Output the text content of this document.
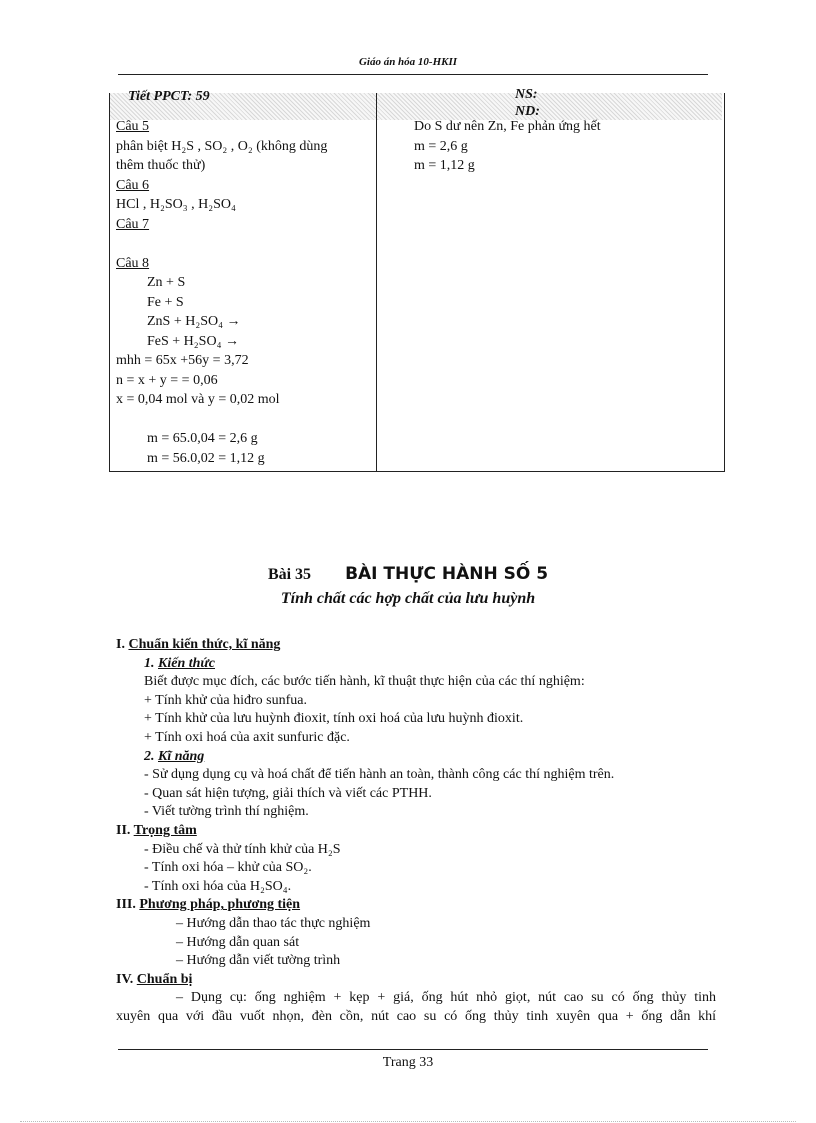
Giáo án hóa 10-HKII
Tiết PPCT: 59	NS:
ND:
Câu 5
phân biệt H₂S , SO₂ , O₂ (không dùng
thêm thuốc thử)
Câu 6
HCl , H₂SO₃ , H₂SO₄
Câu 7

Câu 8
Zn + S
Fe + S
ZnS + H₂SO₄ →
FeS + H₂SO₄ →
mhh = 65x +56y = 3,72
n = x + y = = 0,06
x = 0,04 mol và y = 0,02 mol

m = 65.0,04 = 2,6 g
m = 56.0,02 = 1,12 g
Do S dư nên Zn, Fe phản ứng hết
m = 2,6 g
m = 1,12 g
Bài 35 BÀI THỰC HÀNH SỐ 5
Tính chất các hợp chất của lưu huỳnh

I. Chuẩn kiến thức, kĩ năng

1. Kiến thức

Biết được mục đích, các bước tiến hành, kĩ thuật thực hiện của các thí nghiệm:

+ Tính khử của hiđro sunfua.

+ Tính khử của lưu huỳnh đioxit, tính oxi hoá của lưu huỳnh đioxit.

+ Tính oxi hoá của axit sunfuric đặc.

2. Kĩ năng

- Sử dụng dụng cụ và hoá chất để tiến hành an toàn, thành công các thí nghiệm trên.

- Quan sát hiện tượng, giải thích và viết các PTHH.

- Viết tường trình thí nghiệm.

II. Trọng tâm

- Điều chế và thử tính khử của H₂S

- Tính oxi hóa – khử của SO₂.

- Tính oxi hóa của H₂SO₄.

III. Phương pháp, phương tiện

– Hướng dẫn thao tác thực nghiệm

– Hướng dẫn quan sát

– Hướng dẫn viết tường trình

IV. Chuẩn bị

– Dụng cụ: ống nghiệm + kẹp + giá, ống hút nhỏ giọt, nút cao su có ống thủy tinh

xuyên qua với đầu vuốt nhọn, đèn cồn, nút cao su có ống thủy tinh xuyên qua + ống dẫn khí

Trang 33
